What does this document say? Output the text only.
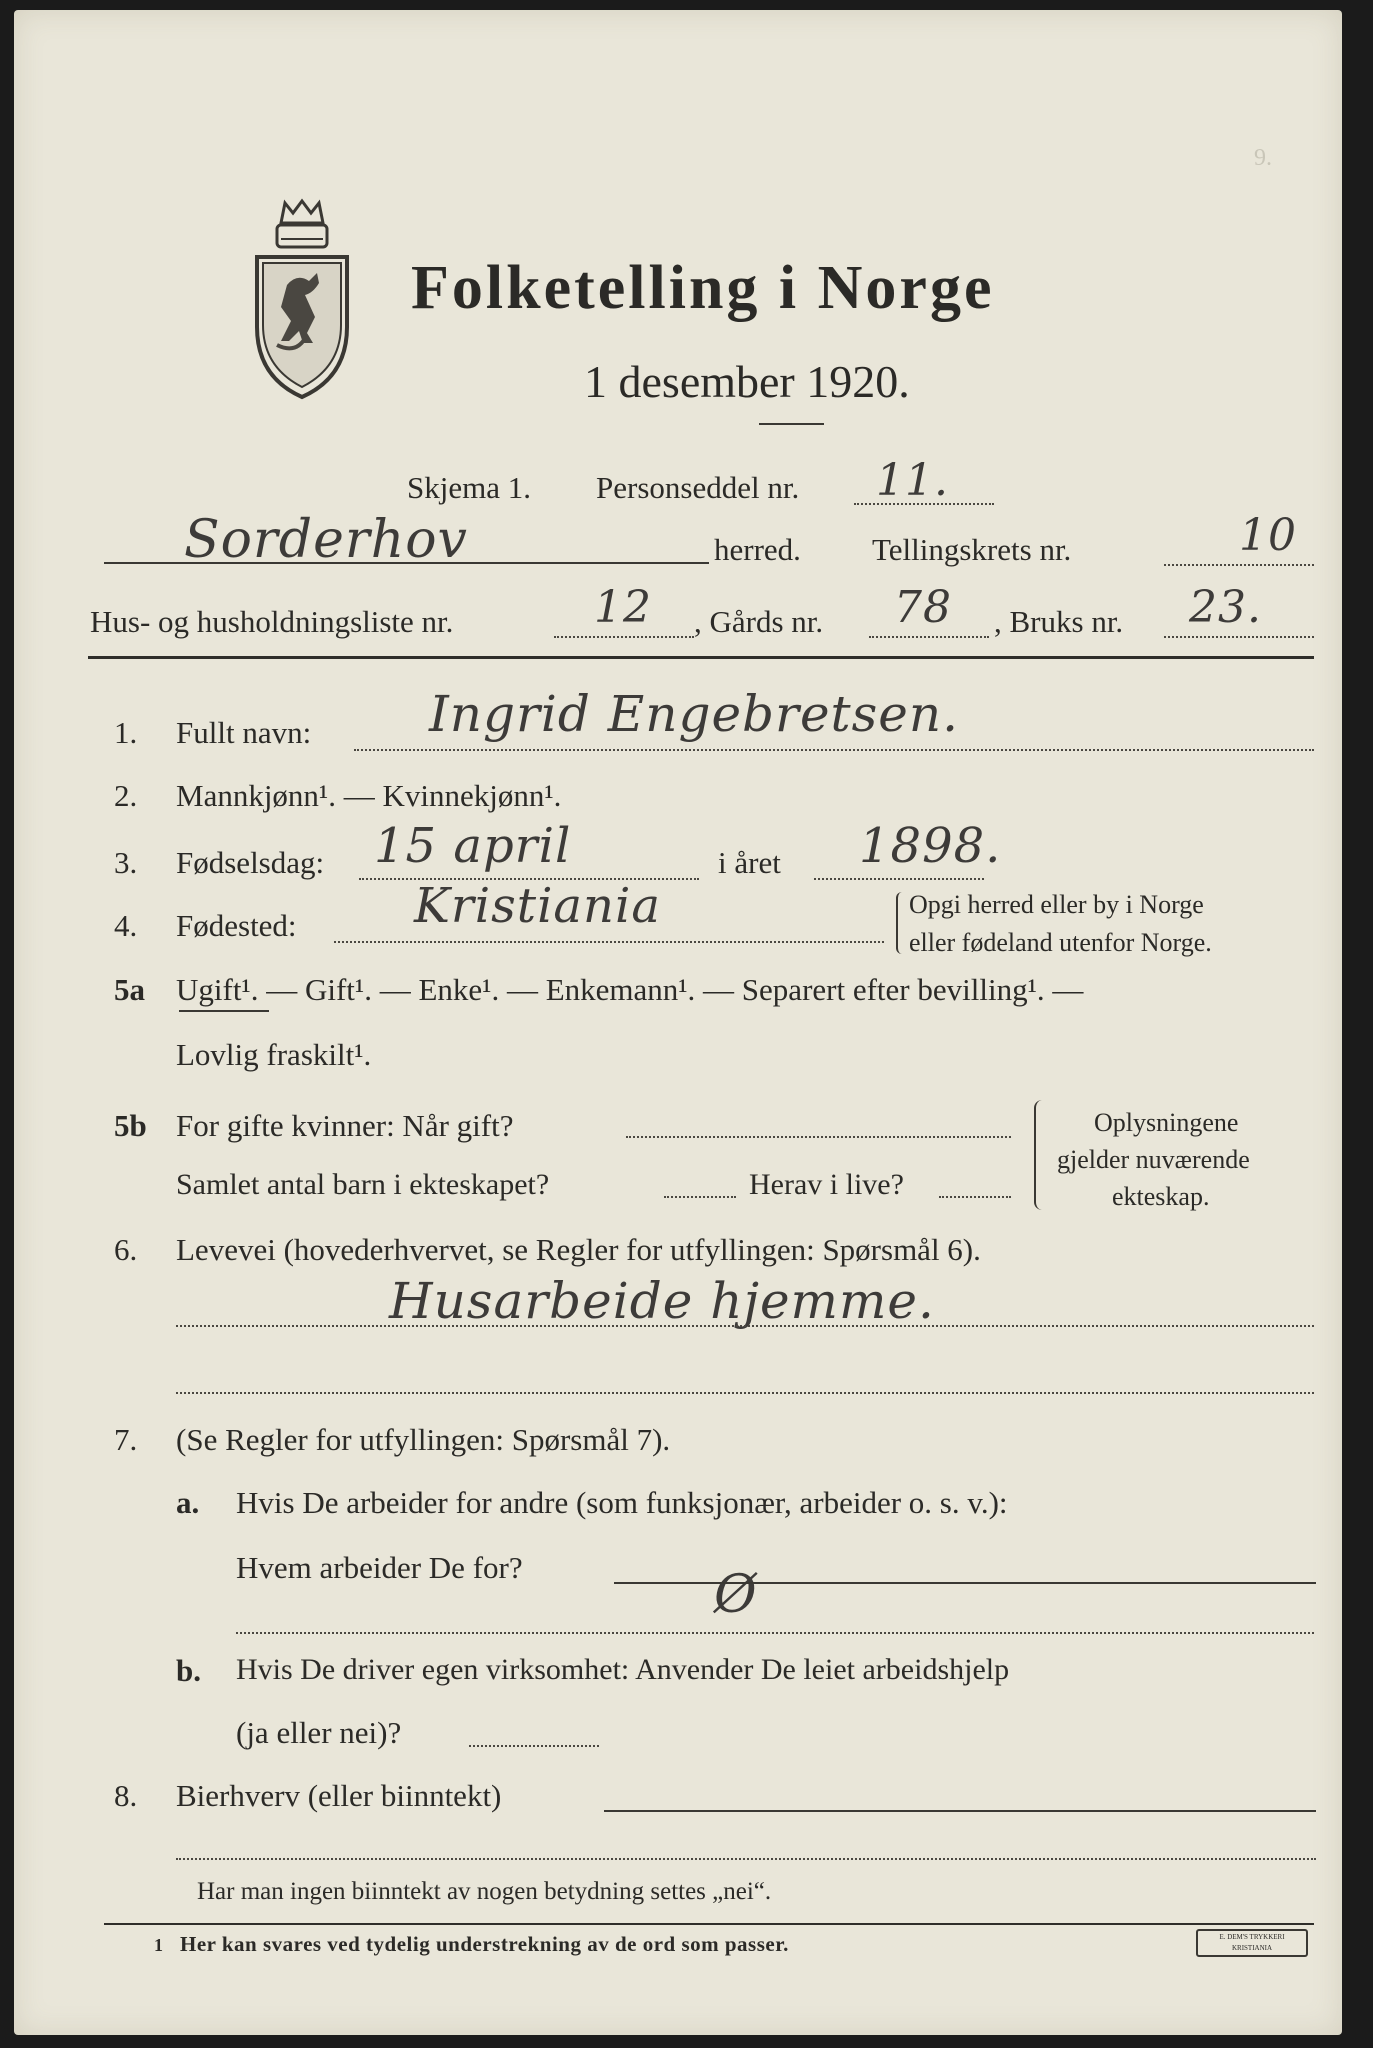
Folketelling i Norge
1 desember 1920.
9.
Skjema 1. Personseddel nr. 11.
Sorderhov	herred. Tellingskrets nr.	10
Hus- og husholdningsliste nr.	12 , Gårds nr. 78 , Bruks nr. 23.
1. Fullt navn: Ingrid Engebretsen.
2. Mannkjønn¹. — Kvinnekjønn¹.
3. Fødselsdag: 15 april	i året 1898.
4. Fødested: Kristiania	Opgi herred eller by i Norge
eller fødeland utenfor Norge.
5a Ugift¹. — Gift¹. — Enke¹. — Enkemann¹. — Separert efter bevilling¹. —
Lovlig fraskilt¹.
5b For gifte kvinner: Når gift?
Samlet antal barn i ekteskapet?	Herav i live?
Oplysningene
gjelder nuværende
ekteskap.
6. Levevei (hovederhvervet, se Regler for utfyllingen: Spørsmål 6).
Husarbeide hjemme.
7. (Se Regler for utfyllingen: Spørsmål 7).
a. Hvis De arbeider for andre (som funksjonær, arbeider o. s. v.):
Hvem arbeider De for?	Ø
b. Hvis De driver egen virksomhet: Anvender De leiet arbeidshjelp
(ja eller nei)?
8. Bierhverv (eller biinntekt)
Har man ingen biinntekt av nogen betydning settes „nei“.
1 Her kan svares ved tydelig understrekning av de ord som passer.	E. DEM'S TRYKKERI KRISTIANIA
